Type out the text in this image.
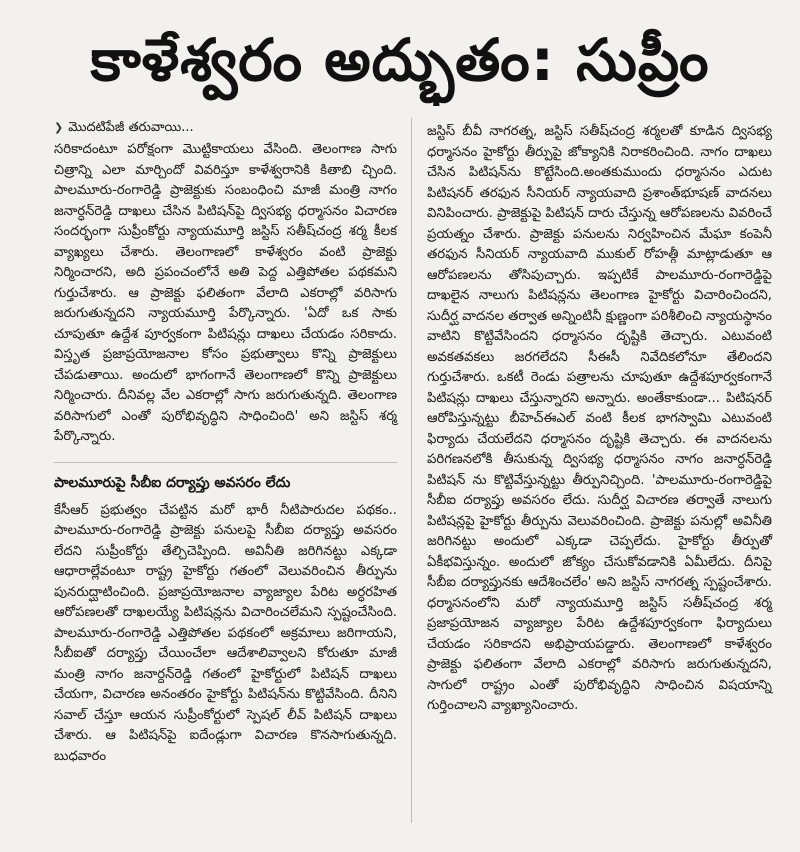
కాళేశ్వరం అద్భుతం: సుప్రీం
❯ మొదటిపేజీ తరువాయి...
సరికాదంటూ పరోక్షంగా మొట్టికాయలు వేసింది. తెలంగాణ సాగు చిత్రాన్ని ఎలా మార్చిందో వివరిస్తూ కాళేశ్వరానికి కితాబి చ్చింది. పాలమూరు-రంగారెడ్డి ప్రాజెక్టుకు సంబంధించి మాజీ మంత్రి నాగం జనార్ధన్‌రెడ్డి దాఖలు చేసిన పిటిషన్‌పై ద్విసభ్య ధర్మాసనం విచారణ సందర్భంగా సుప్రీంకోర్టు న్యాయమూర్తి జస్టిస్ సతీష్‌చంద్ర శర్మ కీలక వ్యాఖ్యలు చేశారు. తెలంగాణలో కాళేశ్వరం వంటి ప్రాజెక్టు నిర్మించారని, అది ప్రపంచంలోనే అతి పెద్ద ఎత్తిపోతల పథకమని గుర్తుచేశారు. ఆ ప్రాజెక్టు ఫలితంగా వేలాది ఎకరాల్లో వరిసాగు జరుగుతున్నదని న్యాయమూర్తి పేర్కొన్నారు. 'ఏదో ఒక సాకు చూపుతూ ఉద్దేశ పూర్వకంగా పిటిషన్లు దాఖలు చేయడం సరికాదు. విస్తృత ప్రజాప్రయోజనాల కోసం ప్రభుత్వాలు కొన్ని ప్రాజెక్టులు చేపడుతాయి. అందులో భాగంగానే తెలంగాణలో కొన్ని ప్రాజెక్టులు నిర్మించారు. దీనివల్ల వేల ఎకరాల్లో సాగు జరుగుతున్నది. తెలంగాణ వరిసాగులో ఎంతో పురోభివృద్ధిని సాధించింది' అని జస్టిస్ శర్మ పేర్కొన్నారు.
పాలమూరుపై సీబీఐ దర్యాప్తు అవసరం లేదు
కేసీఆర్ ప్రభుత్వం చేపట్టిన మరో భారీ నీటిపారుదల పథకం.. పాలమూరు-రంగారెడ్డి ప్రాజెక్టు పనులపై సీబీఐ దర్యాప్తు అవసరం లేదని సుప్రీంకోర్టు తేల్చిచెప్పింది. అవినీతి జరిగినట్టు ఎక్కడా ఆధారాల్లేవంటూ రాష్ట్ర హైకోర్టు గతంలో వెలువరించిన తీర్పును పునరుద్ఘాటించింది. ప్రజాప్రయోజనాల వ్యాజ్యాల పేరిట అర్ధరహిత ఆరోపణలతో దాఖలయ్యే పిటిషన్లను విచారించలేమని స్పష్టంచేసింది. పాలమూరు-రంగారెడ్డి ఎత్తిపోతల పథకంలో అక్రమాలు జరిగాయని, సీబీఐతో దర్యాప్తు చేయించేలా ఆదేశాలివ్వాలని కోరుతూ మాజీ మంత్రి నాగం జనార్దన్‌రెడ్డి గతంలో హైకోర్టులో పిటిషన్ దాఖలు చేయగా, విచారణ అనంతరం హైకోర్టు పిటిషన్‌ను కొట్టివేసింది. దీనిని సవాల్ చేస్తూ ఆయన సుప్రీంకోర్టులో స్పెషల్ లీవ్ పిటిషన్ దాఖలు చేశారు. ఆ పిటిషన్‌పై ఐదేండ్లుగా విచారణ కొనసాగుతున్నది. బుధవారం
జస్టిస్ బీవీ నాగరత్న, జస్టిస్ సతీష్‌చంద్ర శర్మలతో కూడిన ద్విసభ్య ధర్మాసనం హైకోర్టు తీర్పుపై జోక్యానికి నిరాకరించింది. నాగం దాఖలు చేసిన పిటిషన్‌ను కొట్టేసింది.అంతకుముందు ధర్మాసనం ఎదుట పిటిషనర్ తరఫున సీనియర్ న్యాయవాది ప్రశాంత్‌భూషణ్ వాదనలు వినిపించారు. ప్రాజెక్టుపై పిటిషన్ దారు చేస్తున్న ఆరోపణలను వివరించే ప్రయత్నం చేశారు. ప్రాజెక్టు పనులను నిర్వహించిన మేఘా కంపెనీ తరఫున సీనియర్ న్యాయవాది ముకుల్ రోహత్గీ మాట్లాడుతూ ఆ ఆరోపణలను తోసిపుచ్చారు. ఇప్పటికే పాలమూరు-రంగారెడ్డిపై దాఖలైన నాలుగు పిటిషన్లను తెలంగాణ హైకోర్టు విచారించిందని, సుదీర్ఘ వాదనల తర్వాత అన్నింటినీ క్షుణ్ణంగా పరిశీలించి న్యాయస్థానం వాటిని కొట్టివేసిందని ధర్మాసనం దృష్టికి తెచ్చారు. ఎటువంటి అవకతవకలు జరగలేదని సీఈసీ నివేదికలోనూ తేలిందని గుర్తుచేశారు. ఒకటీ రెండు పత్రాలను చూపుతూ ఉద్దేశపూర్వకంగానే పిటిషన్లు దాఖలు చేస్తున్నారని అన్నారు. అంతేకాకుండా... పిటిషనర్ ఆరోపిస్తున్నట్టు బీహెచ్‌ఈఎల్ వంటి కీలక భాగస్వామి ఎటువంటి ఫిర్యాదు చేయలేదని ధర్మాసనం దృష్టికి తెచ్చారు. ఈ వాదనలను పరిగణనలోకి తీసుకున్న ద్విసభ్య ధర్మాసనం నాగం జనార్ధన్‌రెడ్డి పిటిషన్ ను కొట్టివేస్తున్నట్టు తీర్పునిచ్చింది. 'పాలమూరు-రంగారెడ్డిపై సీబీఐ దర్యాప్తు అవసరం లేదు. సుదీర్ఘ విచారణ తర్వాతే నాలుగు పిటిషన్లపై హైకోర్టు తీర్పును వెలువరించింది. ప్రాజెక్టు పనుల్లో అవినీతి జరిగినట్టు అందులో ఎక్కడా చెప్పలేదు. హైకోర్టు తీర్పుతో ఏకీభవిస్తున్నం. అందులో జోక్యం చేసుకోవడానికి ఏమీలేదు. దీనిపై సీబీఐ దర్యాప్తునకు ఆదేశించలేం' అని జస్టిస్ నాగరత్న స్పష్టంచేశారు. ధర్మాసనంలోని మరో న్యాయమూర్తి జస్టిస్ సతీష్‌చంద్ర శర్మ ప్రజాప్రయోజన వ్యాజ్యాల పేరిట ఉద్దేశపూర్వకంగా ఫిర్యాదులు చేయడం సరికాదని అభిప్రాయపడ్డారు. తెలంగాణలో కాళేశ్వరం ప్రాజెక్టు ఫలితంగా వేలాది ఎకరాల్లో వరిసాగు జరుగుతున్నదని, సాగులో రాష్ట్రం ఎంతో పురోభివృద్ధిని సాధించిన విషయాన్ని గుర్తించాలని వ్యాఖ్యానించారు.
